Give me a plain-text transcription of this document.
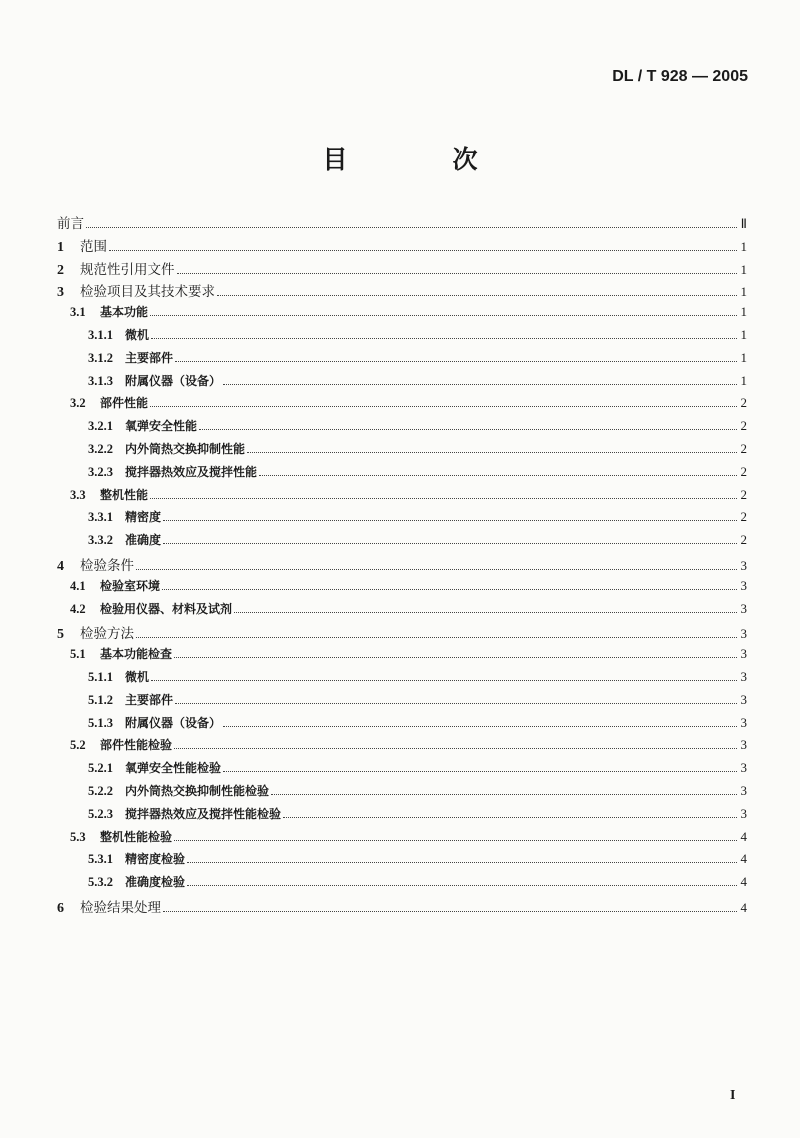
DL / T 928 — 2005
目　次
前言	Ⅱ
1	范围	1
2	规范性引用文件	1
3	检验项目及其技术要求	1
3.1	基本功能	1
3.1.1	微机	1
3.1.2	主要部件	1
3.1.3	附属仪器（设备）	1
3.2	部件性能	2
3.2.1	氧弹安全性能	2
3.2.2	内外筒热交换抑制性能	2
3.2.3	搅拌器热效应及搅拌性能	2
3.3	整机性能	2
3.3.1	精密度	2
3.3.2	准确度	2
4	检验条件	3
4.1	检验室环境	3
4.2	检验用仪器、材料及试剂	3
5	检验方法	3
5.1	基本功能检查	3
5.1.1	微机	3
5.1.2	主要部件	3
5.1.3	附属仪器（设备）	3
5.2	部件性能检验	3
5.2.1	氧弹安全性能检验	3
5.2.2	内外筒热交换抑制性能检验	3
5.2.3	搅拌器热效应及搅拌性能检验	3
5.3	整机性能检验	4
5.3.1	精密度检验	4
5.3.2	准确度检验	4
6	检验结果处理	4
I
